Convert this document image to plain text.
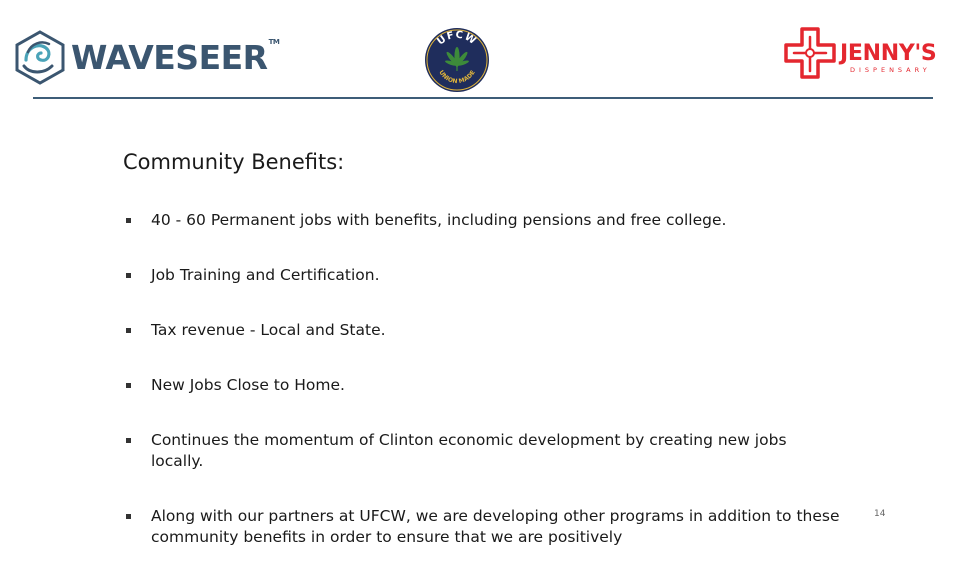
WAVESEER™	UFCW
UNION MADE
JENNY'S
DISPENSARY
Community Benefits:
40 - 60 Permanent jobs with benefits, including pensions and free college.
Job Training and Certification.
Tax revenue - Local and State.
New Jobs Close to Home.
Continues the momentum of Clinton economic development by creating new jobs locally.
Along with our partners at UFCW, we are developing other programs in addition to these community benefits in order to ensure that we are positively
14
